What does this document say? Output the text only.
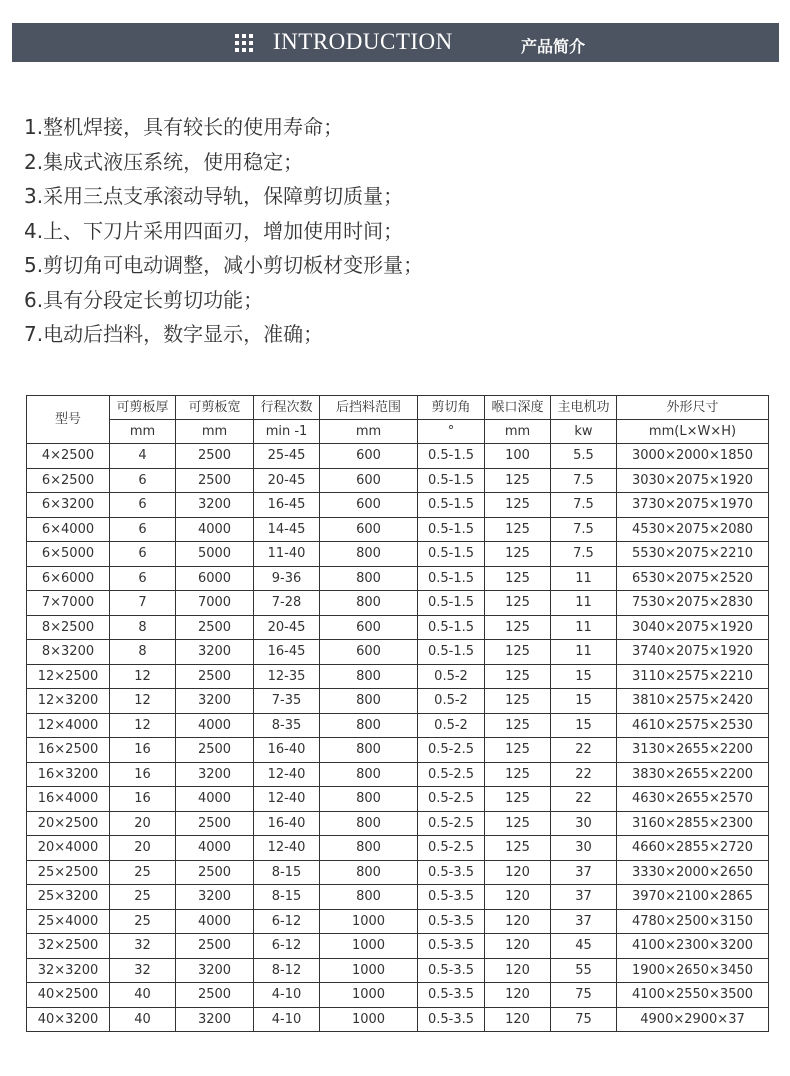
INTRODUCTION	产品简介
1.整机焊接，具有较长的使用寿命；
2.集成式液压系统，使用稳定；
3.采用三点支承滚动导轨，保障剪切质量；
4.上、下刀片采用四面刃，增加使用时间；
5.剪切角可电动调整，减小剪切板材变形量；
6.具有分段定长剪切功能；
7.电动后挡料，数字显示，准确；
型号	可剪板厚	可剪板宽	行程次数	后挡料范围	剪切角	喉口深度	主电机功	外形尺寸
	mm	mm	min -1	mm	°	mm	kw	mm(L×W×H)
4×2500	4	2500	25-45	600	0.5-1.5	100	5.5	3000×2000×1850
6×2500	6	2500	20-45	600	0.5-1.5	125	7.5	3030×2075×1920
6×3200	6	3200	16-45	600	0.5-1.5	125	7.5	3730×2075×1970
6×4000	6	4000	14-45	600	0.5-1.5	125	7.5	4530×2075×2080
6×5000	6	5000	11-40	800	0.5-1.5	125	7.5	5530×2075×2210
6×6000	6	6000	9-36	800	0.5-1.5	125	11	6530×2075×2520
7×7000	7	7000	7-28	800	0.5-1.5	125	11	7530×2075×2830
8×2500	8	2500	20-45	600	0.5-1.5	125	11	3040×2075×1920
8×3200	8	3200	16-45	600	0.5-1.5	125	11	3740×2075×1920
12×2500	12	2500	12-35	800	0.5-2	125	15	3110×2575×2210
12×3200	12	3200	7-35	800	0.5-2	125	15	3810×2575×2420
12×4000	12	4000	8-35	800	0.5-2	125	15	4610×2575×2530
16×2500	16	2500	16-40	800	0.5-2.5	125	22	3130×2655×2200
16×3200	16	3200	12-40	800	0.5-2.5	125	22	3830×2655×2200
16×4000	16	4000	12-40	800	0.5-2.5	125	22	4630×2655×2570
20×2500	20	2500	16-40	800	0.5-2.5	125	30	3160×2855×2300
20×4000	20	4000	12-40	800	0.5-2.5	125	30	4660×2855×2720
25×2500	25	2500	8-15	800	0.5-3.5	120	37	3330×2000×2650
25×3200	25	3200	8-15	800	0.5-3.5	120	37	3970×2100×2865
25×4000	25	4000	6-12	1000	0.5-3.5	120	37	4780×2500×3150
32×2500	32	2500	6-12	1000	0.5-3.5	120	45	4100×2300×3200
32×3200	32	3200	8-12	1000	0.5-3.5	120	55	1900×2650×3450
40×2500	40	2500	4-10	1000	0.5-3.5	120	75	4100×2550×3500
40×3200	40	3200	4-10	1000	0.5-3.5	120	75	4900×2900×37
